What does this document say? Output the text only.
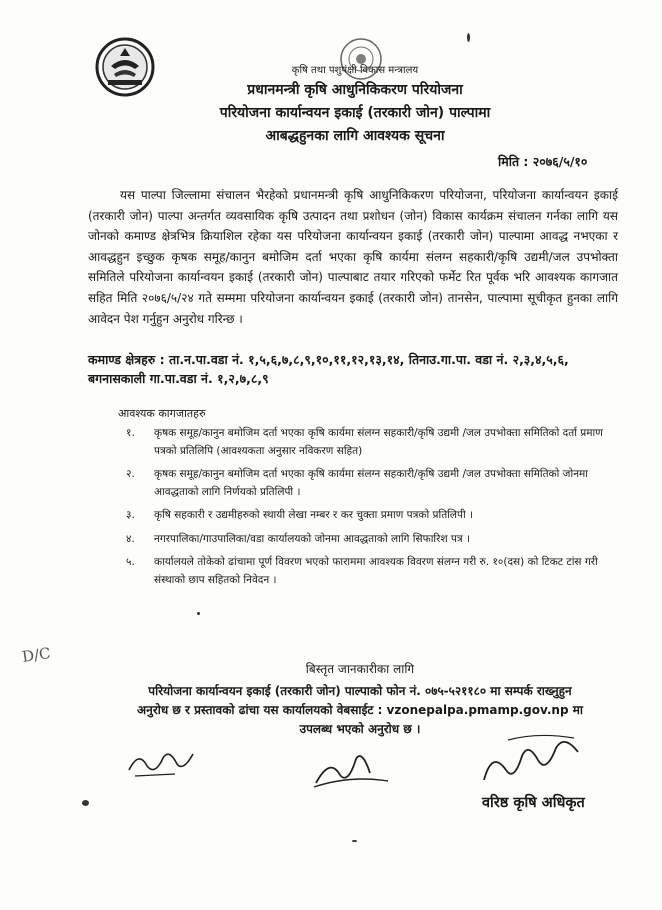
कृषि तथा पशुपंक्षी विकास मन्त्रालय
प्रधानमन्त्री कृषि आधुनिकिकरण परियोजना
परियोजना कार्यान्वयन इकाई (तरकारी जोन) पाल्पामा
आबद्धहुनका लागि आवश्यक सूचना
मिति : २०७६/५/१०

यस पाल्पा जिल्लामा संचालन भैरहेको प्रधानमन्त्री कृषि आधुनिकिकरण परियोजना, परियोजना कार्यान्वयन इकाई (तरकारी जोन) पाल्पा अन्तर्गत व्यवसायिक कृषि उत्पादन तथा प्रशोधन (जोन) विकास कार्यक्रम संचालन गर्नका लागि यस जोनको कमाण्ड क्षेत्रभित्र क्रियाशिल रहेका यस परियोजना कार्यान्वयन इकाई (तरकारी जोन) पाल्पामा आवद्ध नभएका र आवद्धहुन इच्छुक कृषक समूह/कानुन बमोजिम दर्ता भएका कृषि कार्यमा संलग्न सहकारी/कृषि उद्यमी/जल उपभोक्ता समितिले परियोजना कार्यान्वयन इकाई (तरकारी जोन) पाल्पाबाट तयार गरिएको फर्मेट रित पूर्वक भरि आवश्यक कागजात सहित मिति २०७६/५/२४ गते सम्ममा परियोजना कार्यान्वयन इकाई (तरकारी जोन) तानसेन, पाल्पामा सूचीकृत हुनका लागि आवेदन पेश गर्नुहुन अनुरोध गरिन्छ ।

कमाण्ड क्षेत्रहरु : ता.न.पा.वडा नं. १,५,६,७,८,९,१०,११,१२,१३,१४, तिनाउ.गा.पा. वडा नं. २,३,४,५,६, बगनासकाली गा.पा.वडा नं. १,२,७,८,९
आवश्यक कागजातहरु
१. कृषक समूह/कानुन बमोजिम दर्ता भएका कृषि कार्यमा संलग्न सहकारी/कृषि उद्यमी /जल उपभोक्ता समितिको दर्ता प्रमाण पत्रको प्रतिलिपि (आवश्यकता अनुसार नविकरण सहित)
२. कृषक समूह/कानुन बमोजिम दर्ता भएका कृषि कार्यमा संलग्न सहकारी/कृषि उद्यमी /जल उपभोक्ता समितिको जोनमा आवद्धताको लागि निर्णयको प्रतिलिपी ।
३. कृषि सहकारी र उद्यमीहरुको स्थायी लेखा नम्बर र कर चुक्ता प्रमाण पत्रको प्रतिलिपी ।
४. नगरपालिका/गाउपालिका/वडा कार्यालयको जोनमा आवद्धताको लागि सिफारिश पत्र ।
५. कार्यालयले तोकेको ढांचामा पूर्ण विवरण भएको फाराममा आवश्यक विवरण संलग्न गरी रु. १०(दस) को टिकट टांस गरी संस्थाको छाप सहितको निवेदन ।
D/C
बिस्तृत जानकारीका लागि
परियोजना कार्यान्वयन इकाई (तरकारी जोन) पाल्पाको फोन नं. ०७५-५२११८० मा सम्पर्क राख्नुहुन
अनुरोध छ र प्रस्तावको ढांचा यस कार्यालयको वेबसाईट : vzonepalpa.pmamp.gov.np मा
उपलब्ध भएको अनुरोध छ ।
वरिष्ठ कृषि अधिकृत
